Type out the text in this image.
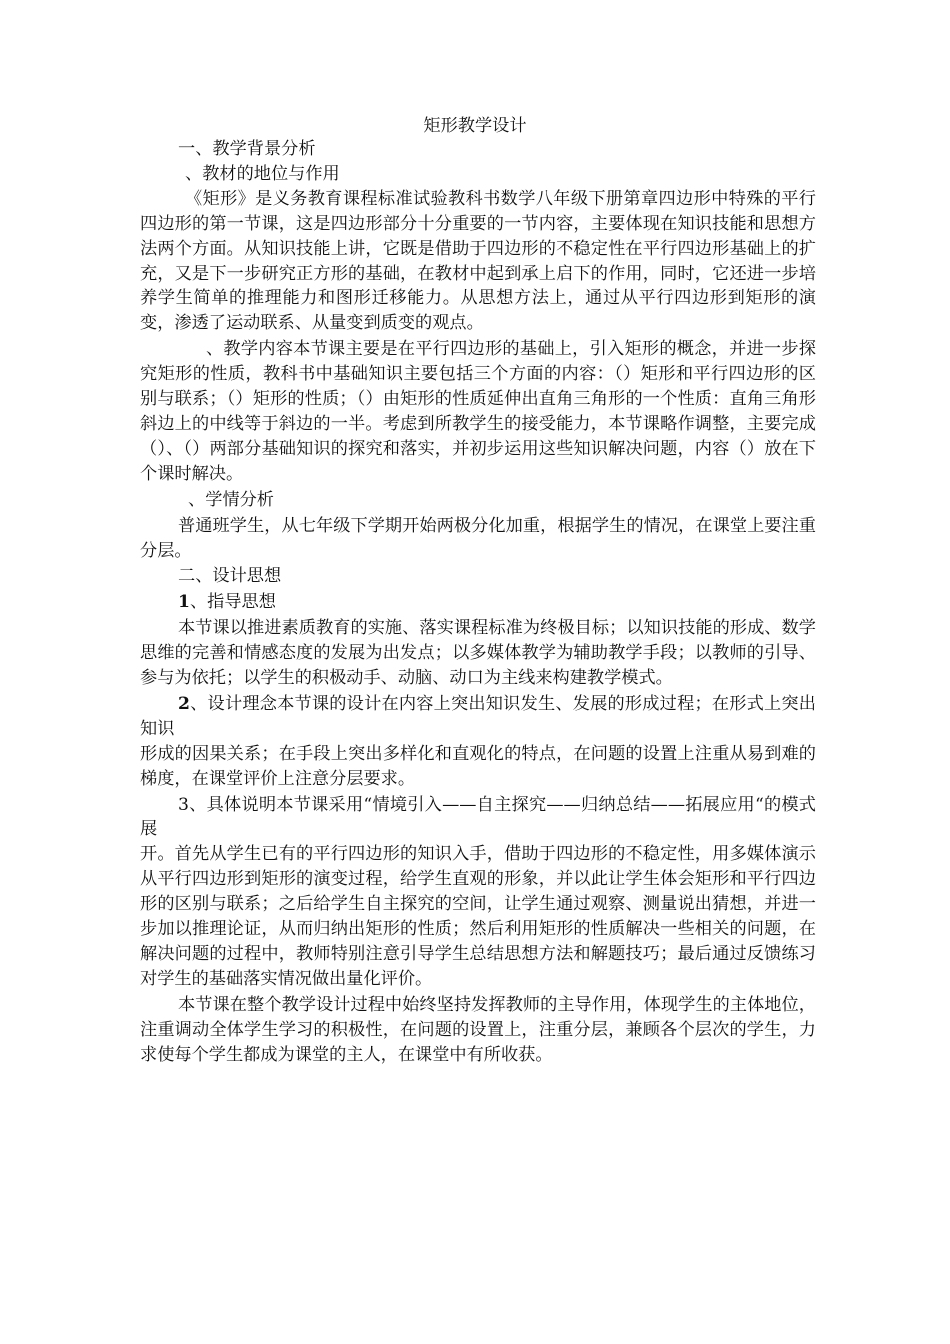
矩形教学设计

一、教学背景分析

、教材的地位与作用

《矩形》是义务教育课程标准试验教科书数学八年级下册第章四边形中特殊的平行四边形的第一节课，这是四边形部分十分重要的一节内容，主要体现在知识技能和思想方法两个方面。从知识技能上讲，它既是借助于四边形的不稳定性在平行四边形基础上的扩充，又是下一步研究正方形的基础，在教材中起到承上启下的作用，同时，它还进一步培养学生简单的推理能力和图形迁移能力。从思想方法上，通过从平行四边形到矩形的演变，渗透了运动联系、从量变到质变的观点。

、教学内容本节课主要是在平行四边形的基础上，引入矩形的概念，并进一步探究矩形的性质，教科书中基础知识主要包括三个方面的内容：（）矩形和平行四边形的区别与联系；（）矩形的性质；（）由矩形的性质延伸出直角三角形的一个性质：直角三角形斜边上的中线等于斜边的一半。考虑到所教学生的接受能力，本节课略作调整，主要完成（）、（）两部分基础知识的探究和落实，并初步运用这些知识解决问题，内容（）放在下个课时解决。

、学情分析

普通班学生，从七年级下学期开始两极分化加重，根据学生的情况，在课堂上要注重分层。

二、设计思想

1、指导思想

本节课以推进素质教育的实施、落实课程标准为终极目标；以知识技能的形成、数学思维的完善和情感态度的发展为出发点；以多媒体教学为辅助教学手段；以教师的引导、参与为依托；以学生的积极动手、动脑、动口为主线来构建教学模式。

2、设计理念本节课的设计在内容上突出知识发生、发展的形成过程；在形式上突出知识

形成的因果关系；在手段上突出多样化和直观化的特点，在问题的设置上注重从易到难的梯度，在课堂评价上注意分层要求。

3、具体说明本节课采用“情境引入——自主探究——归纳总结——拓展应用“的模式展

开。首先从学生已有的平行四边形的知识入手，借助于四边形的不稳定性，用多媒体演示从平行四边形到矩形的演变过程，给学生直观的形象，并以此让学生体会矩形和平行四边形的区别与联系；之后给学生自主探究的空间，让学生通过观察、测量说出猜想，并进一步加以推理论证，从而归纳出矩形的性质；然后利用矩形的性质解决一些相关的问题，在解决问题的过程中，教师特别注意引导学生总结思想方法和解题技巧；最后通过反馈练习对学生的基础落实情况做出量化评价。

本节课在整个教学设计过程中始终坚持发挥教师的主导作用，体现学生的主体地位，注重调动全体学生学习的积极性，在问题的设置上，注重分层，兼顾各个层次的学生，力求使每个学生都成为课堂的主人，在课堂中有所收获。
